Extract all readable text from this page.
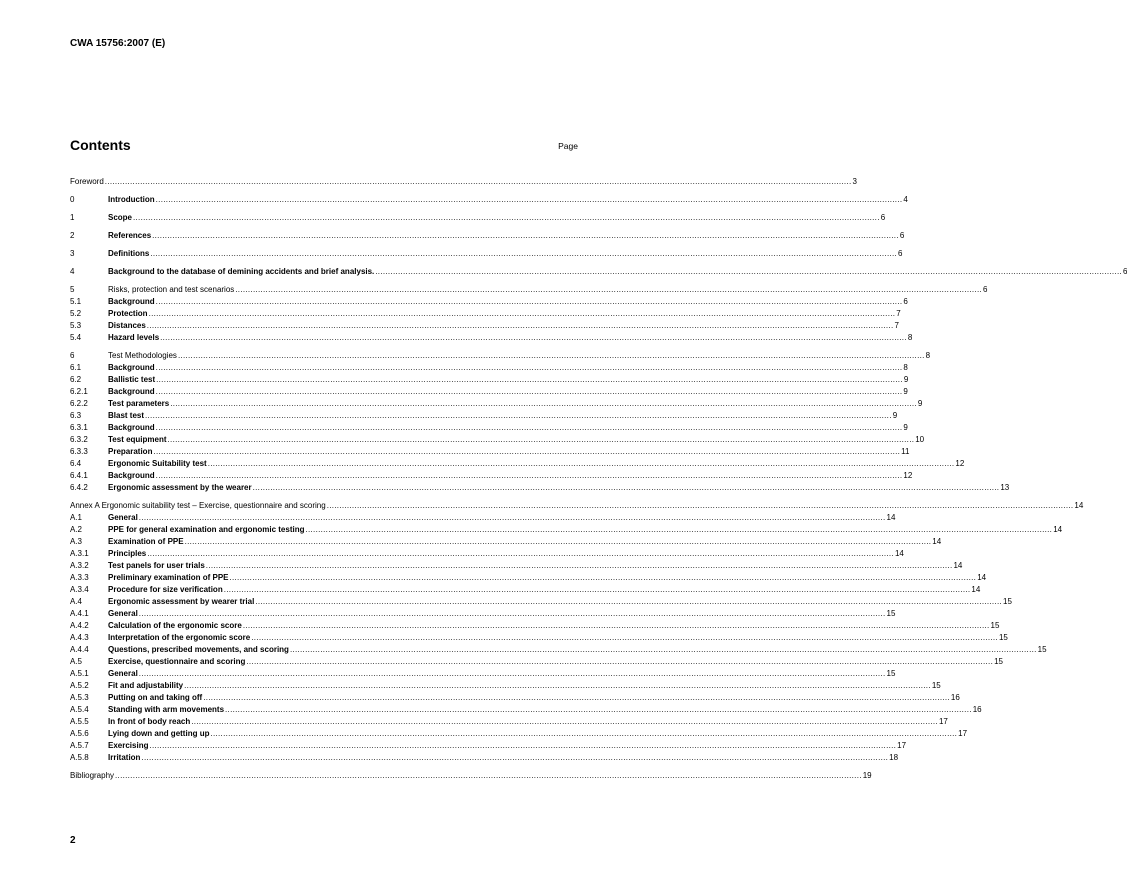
CWA 15756:2007 (E)
Contents	Page
Foreword .....	3
0	Introduction .....	4
1	Scope .....	6
2	References .....	6
3	Definitions .....	6
4	Background to the database of demining accidents and brief analysis. .....	6
5	Risks, protection and test scenarios .....	6
5.1	Background .....	6
5.2	Protection .....	7
5.3	Distances .....	7
5.4	Hazard levels .....	8
6	Test Methodologies .....	8
6.1	Background .....	8
6.2	Ballistic test .....	9
6.2.1	Background .....	9
6.2.2	Test parameters .....	9
6.3	Blast test .....	9
6.3.1	Background .....	9
6.3.2	Test equipment .....	10
6.3.3	Preparation .....	11
6.4	Ergonomic Suitability test .....	12
6.4.1	Background .....	12
6.4.2	Ergonomic assessment by the wearer .....	13
Annex A Ergonomic suitability test – Exercise, questionnaire and scoring .....	14
A.1	General .....	14
A.2	PPE for general examination and ergonomic testing .....	14
A.3	Examination of PPE .....	14
A.3.1	Principles .....	14
A.3.2	Test panels for user trials .....	14
A.3.3	Preliminary examination of PPE .....	14
A.3.4	Procedure for size verification .....	14
A.4	Ergonomic assessment by wearer trial .....	15
A.4.1	General .....	15
A.4.2	Calculation of the ergonomic score .....	15
A.4.3	Interpretation of the ergonomic score .....	15
A.4.4	Questions, prescribed movements, and scoring .....	15
A.5	Exercise, questionnaire and scoring .....	15
A.5.1	General .....	15
A.5.2	Fit and adjustability .....	15
A.5.3	Putting on and taking off .....	16
A.5.4	Standing with arm movements .....	16
A.5.5	In front of body reach .....	17
A.5.6	Lying down and getting up .....	17
A.5.7	Exercising .....	17
A.5.8	Irritation .....	18
Bibliography .....	19
2
